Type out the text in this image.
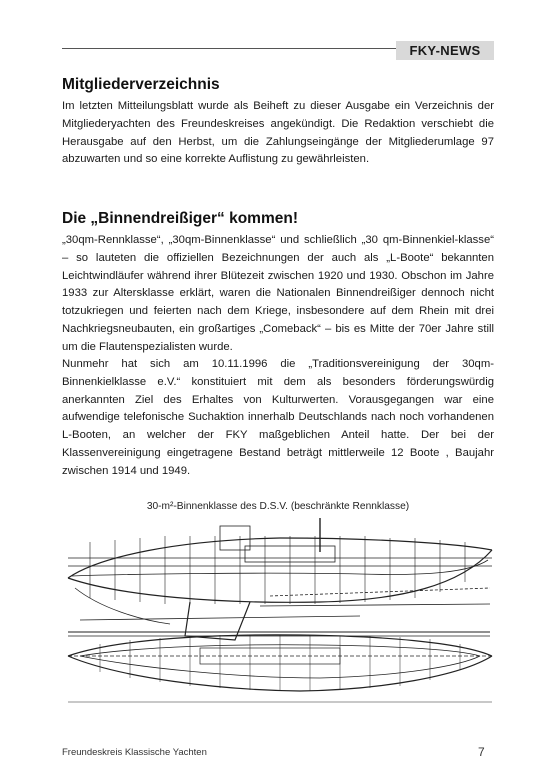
FKY-NEWS
Mitgliederverzeichnis

Im letzten Mitteilungsblatt wurde als Beiheft zu dieser Ausgabe ein Verzeichnis der Mitgliederyachten des Freundeskreises angekündigt. Die Redaktion verschiebt die Herausgabe auf den Herbst, um die Zahlungseingänge der Mitgliederumlage 97 abzuwarten und so eine korrekte Auflistung zu gewährleisten.

Die „Binnendreißiger“ kommen!

„30qm-Rennklasse“, „30qm-Binnenklasse“ und schließlich „30 qm-Binnenkiel-klasse“ – so lauteten die offiziellen Bezeichnungen der auch als „L-Boote“ bekannten Leichtwindläufer während ihrer Blütezeit zwischen 1920 und 1930. Obschon im Jahre 1933 zur Altersklasse erklärt, waren die Nationalen Binnendreißiger dennoch nicht totzukriegen und feierten nach dem Kriege, insbesondere auf dem Rhein mit drei Nachkriegsneubauten, ein großartiges „Comeback“ – bis es Mitte der 70er Jahre still um die Flautenspezialisten wurde.

Nunmehr hat sich am 10.11.1996 die „Traditionsvereinigung der 30qm-Binnenkielklasse e.V.“ konstituiert mit dem als besonders förderungswürdig anerkannten Ziel des Erhaltes von Kulturwerten. Vorausgegangen war eine aufwendige telefonische Suchaktion innerhalb Deutschlands nach noch vorhandenen L-Booten, an welcher der FKY maßgeblichen Anteil hatte. Der bei der Klassenvereinigung eingetragene Bestand beträgt mittlerweile 12 Boote , Baujahr zwischen 1914 und 1949.

30-m²-Binnenklasse des D.S.V. (beschränkte Rennklasse)
Freundeskreis Klassische Yachten	7
